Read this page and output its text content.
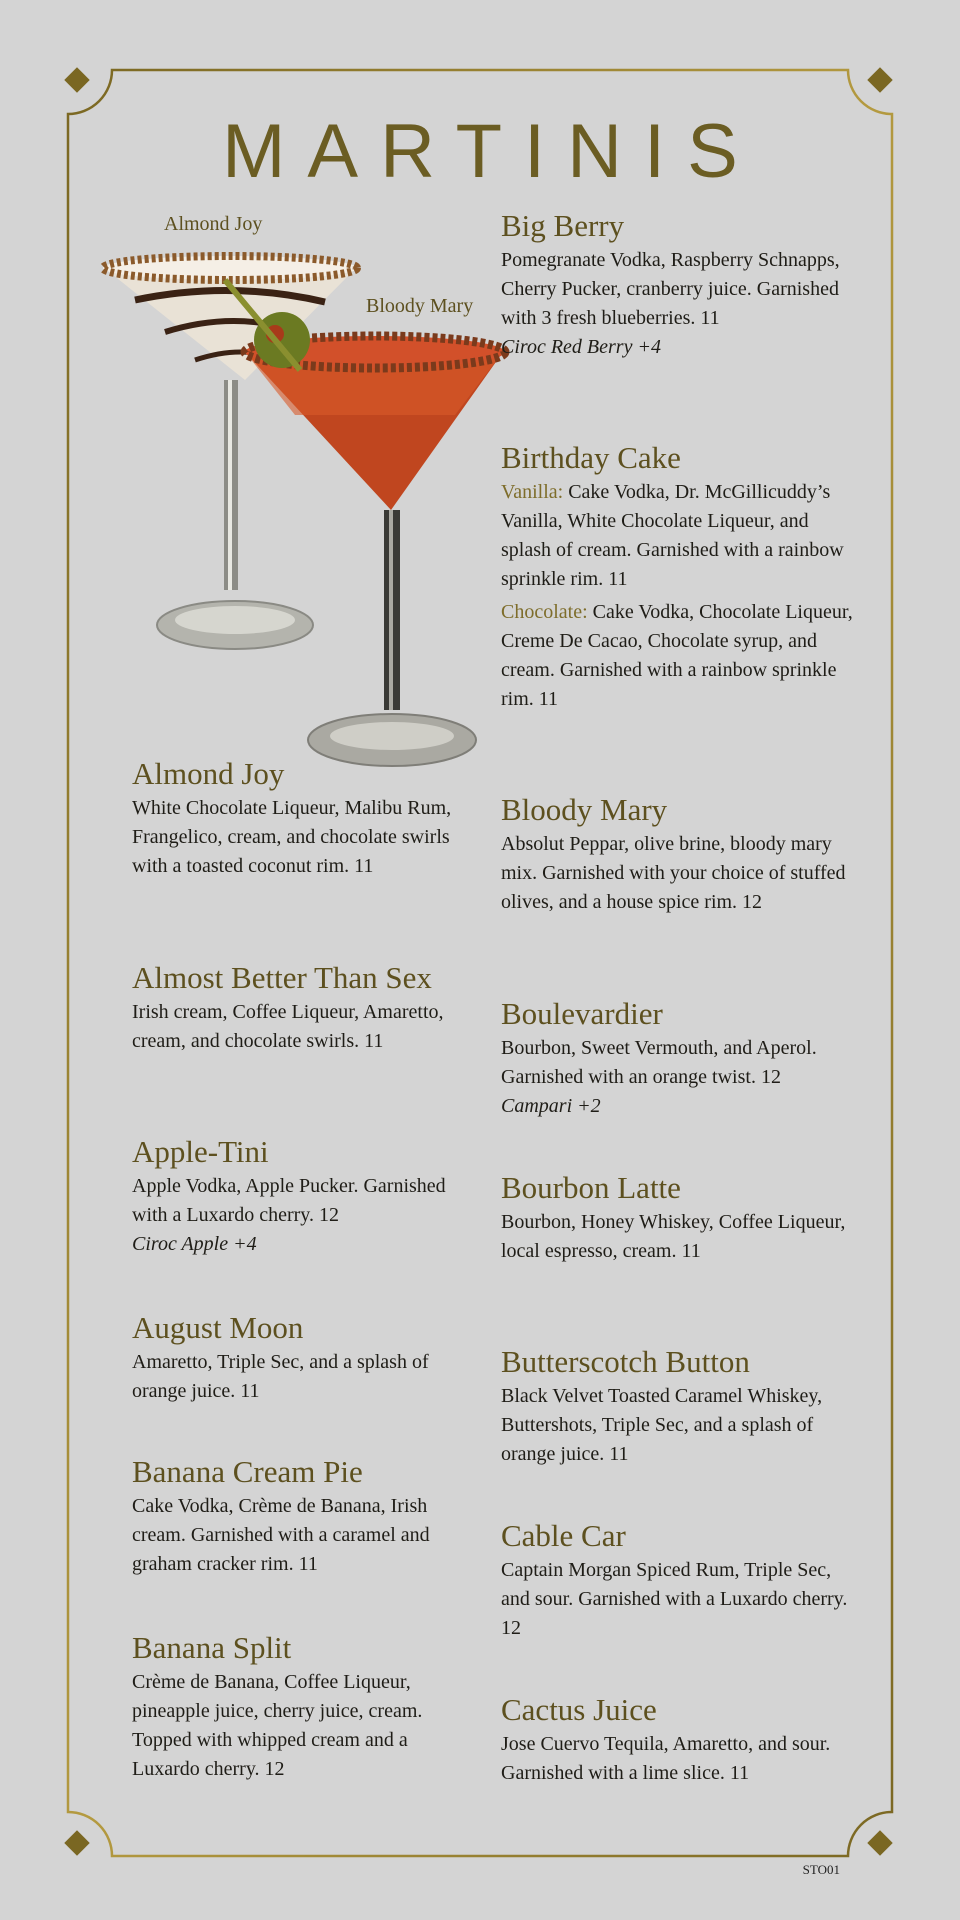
MARTINIS
Almond Joy
Bloody Mary
Almond Joy

White Chocolate Liqueur, Malibu Rum, Frangelico, cream, and chocolate swirls with a toasted coconut rim. 11

Almost Better Than Sex

Irish cream, Coffee Liqueur, Amaretto, cream, and chocolate swirls. 11

Apple-Tini

Apple Vodka, Apple Pucker. Garnished with a Luxardo cherry. 12

Ciroc Apple +4

August Moon

Amaretto, Triple Sec, and a splash of orange juice. 11

Banana Cream Pie

Cake Vodka, Crème de Banana, Irish cream. Garnished with a caramel and graham cracker rim. 11

Banana Split

Crème de Banana, Coffee Liqueur, pineapple juice, cherry juice, cream. Topped with whipped cream and a Luxardo cherry. 12

Big Berry

Pomegranate Vodka, Raspberry Schnapps, Cherry Pucker, cranberry juice. Garnished with 3 fresh blueberries. 11

Ciroc Red Berry +4

Birthday Cake

Vanilla: Cake Vodka, Dr. McGillicuddy’s Vanilla, White Chocolate Liqueur, and splash of cream. Garnished with a rainbow sprinkle rim. 11

Chocolate: Cake Vodka, Chocolate Liqueur, Creme De Cacao, Chocolate syrup, and cream. Garnished with a rainbow sprinkle rim. 11

Bloody Mary

Absolut Peppar, olive brine, bloody mary mix. Garnished with your choice of stuffed olives, and a house spice rim. 12

Boulevardier

Bourbon, Sweet Vermouth, and Aperol. Garnished with an orange twist. 12

Campari +2

Bourbon Latte

Bourbon, Honey Whiskey, Coffee Liqueur, local espresso, cream. 11

Butterscotch Button

Black Velvet Toasted Caramel Whiskey, Buttershots, Triple Sec, and a splash of orange juice. 11

Cable Car

Captain Morgan Spiced Rum, Triple Sec, and sour. Garnished with a Luxardo cherry. 12

Cactus Juice

Jose Cuervo Tequila, Amaretto, and sour. Garnished with a lime slice. 11

STO01
